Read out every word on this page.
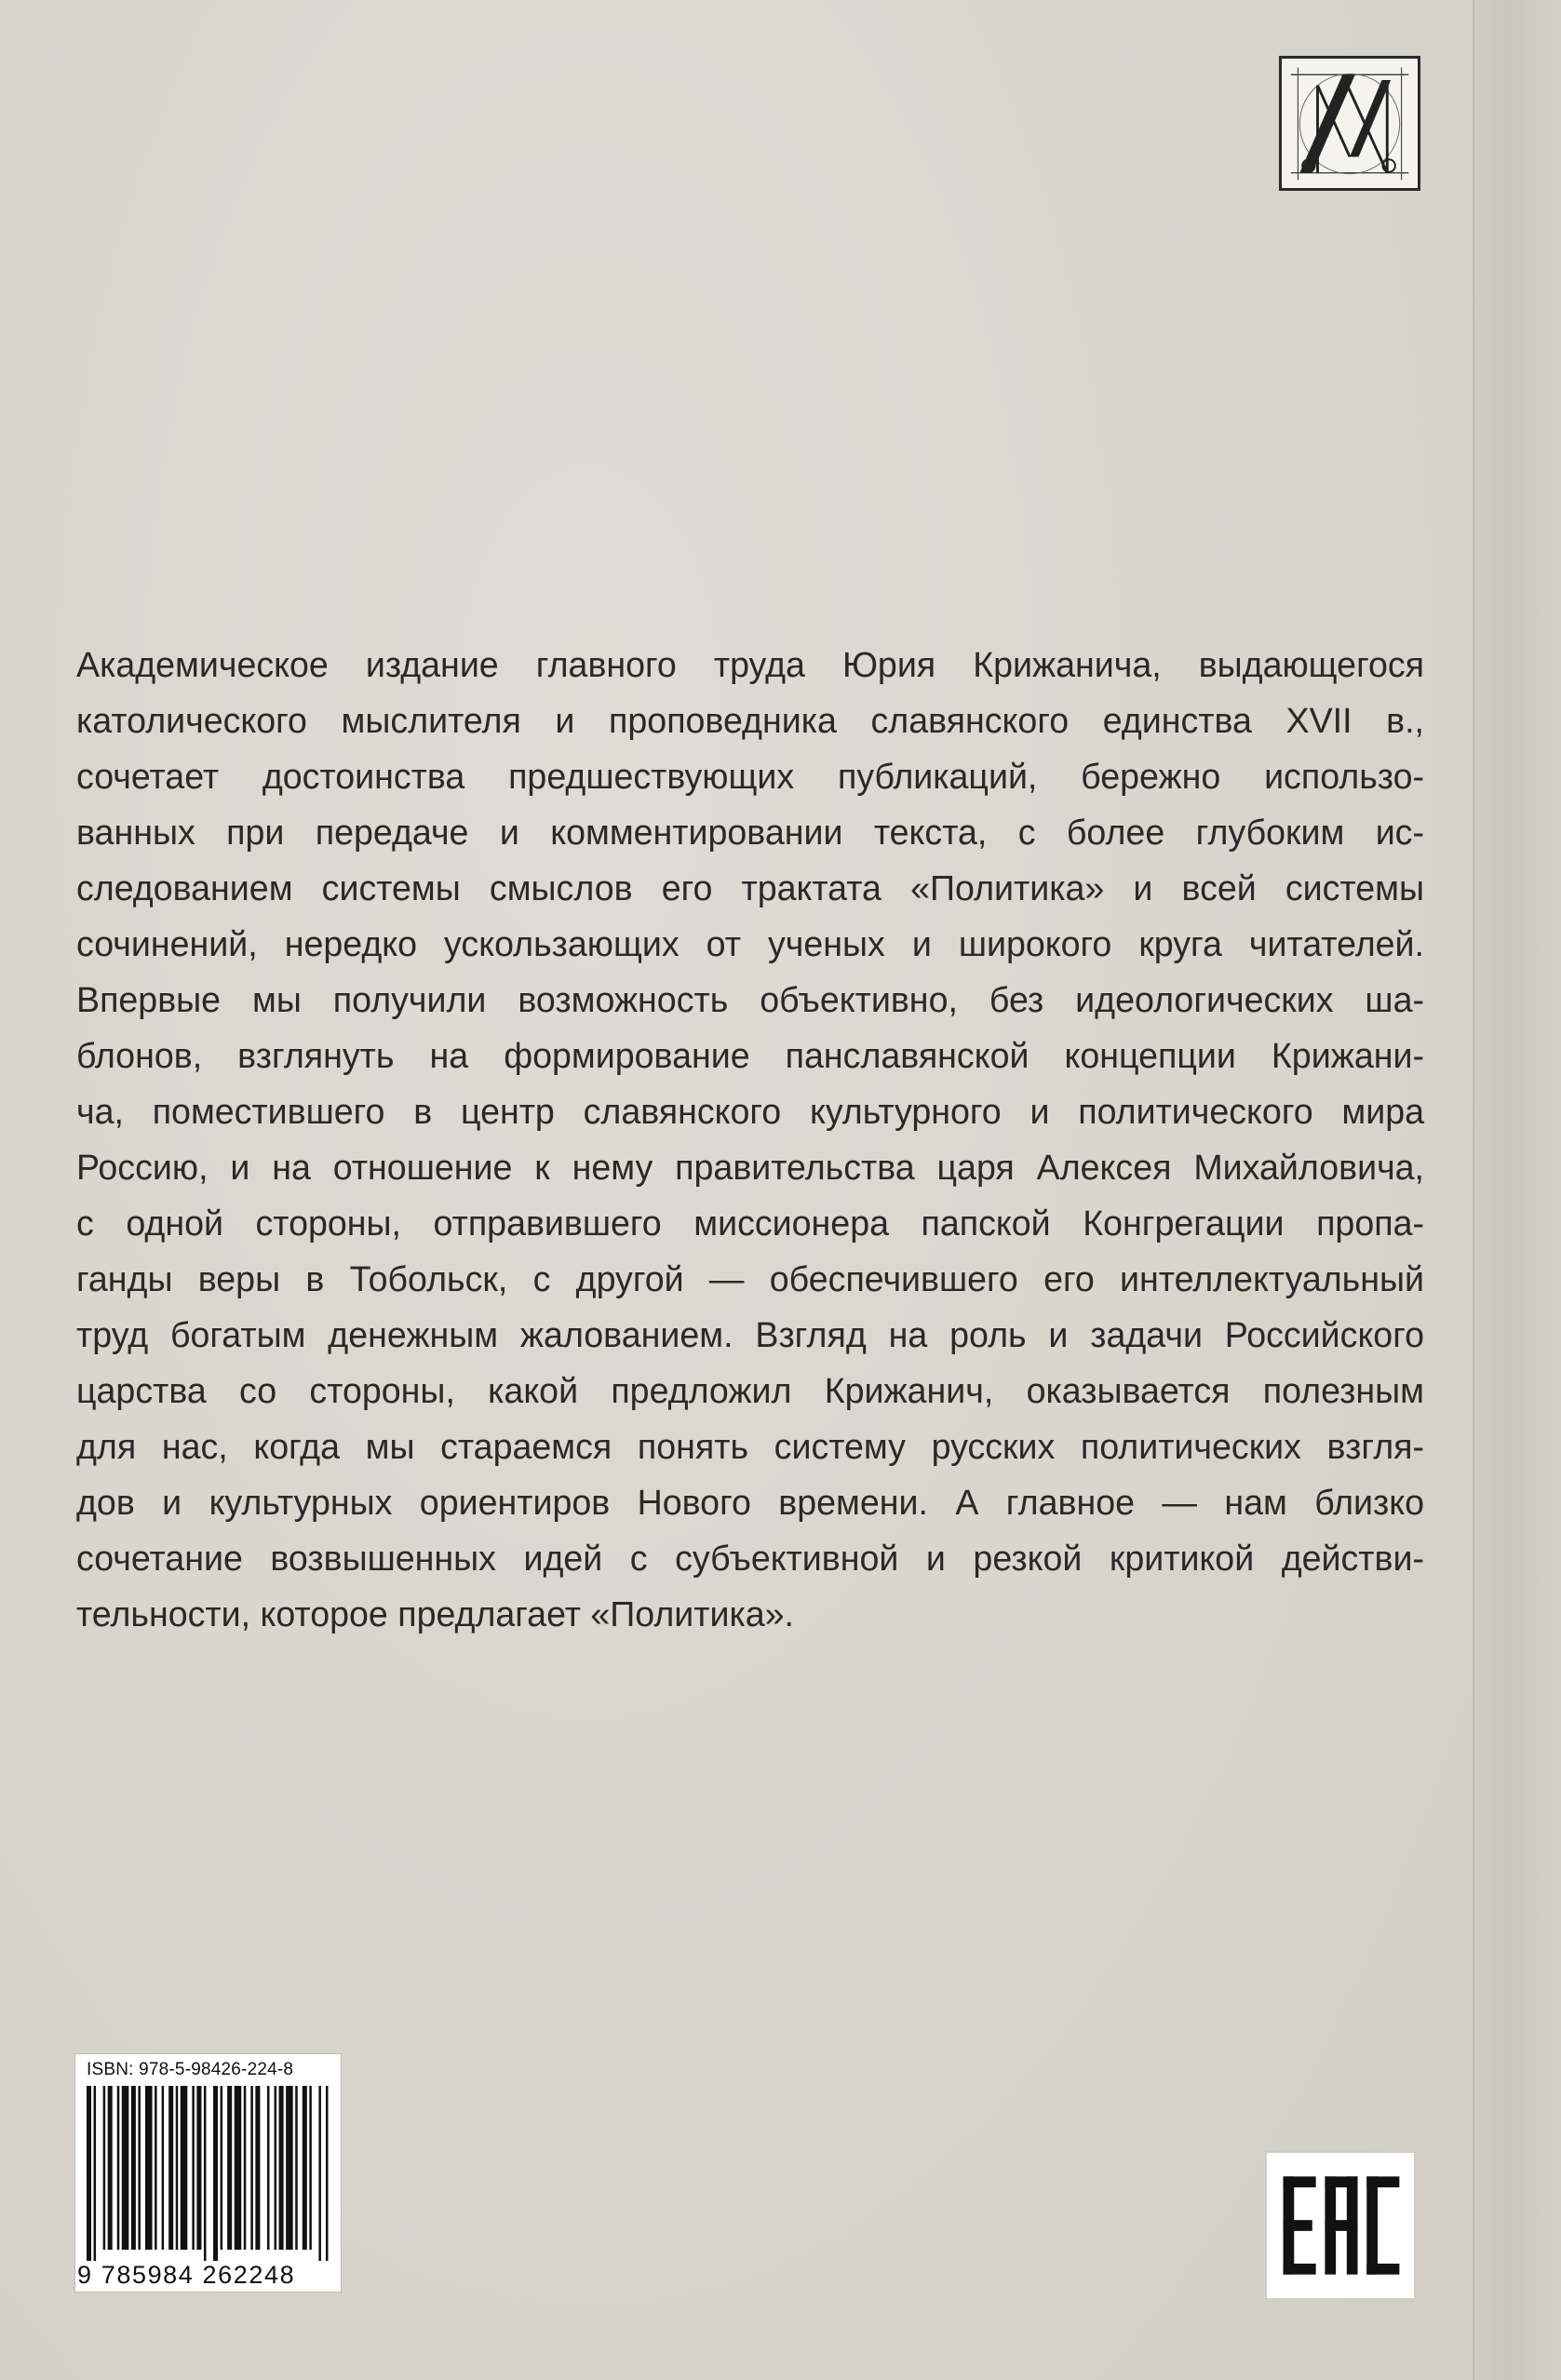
Академическое издание главного труда Юрия Крижанича, выдающегося
католического мыслителя и проповедника славянского единства XVII в.,
сочетает достоинства предшествующих публикаций, бережно использо-
ванных при передаче и комментировании текста, с более глубоким ис-
следованием системы смыслов его трактата «Политика» и всей системы
сочинений, нередко ускользающих от ученых и широкого круга читателей.
Впервые мы получили возможность объективно, без идеологических ша-
блонов, взглянуть на формирование панславянской концепции Крижани-
ча, поместившего в центр славянского культурного и политического мира
Россию, и на отношение к нему правительства царя Алексея Михайловича,
с одной стороны, отправившего миссионера папской Конгрегации пропа-
ганды веры в Тобольск, с другой — обеспечившего его интеллектуальный
труд богатым денежным жалованием. Взгляд на роль и задачи Российского
царства со стороны, какой предложил Крижанич, оказывается полезным
для нас, когда мы стараемся понять систему русских политических взгля-
дов и культурных ориентиров Нового времени. А главное — нам близко
сочетание возвышенных идей с субъективной и резкой критикой действи-
тельности, которое предлагает «Политика».

ISBN: 978-5-98426-224-8
9 785984 262248
